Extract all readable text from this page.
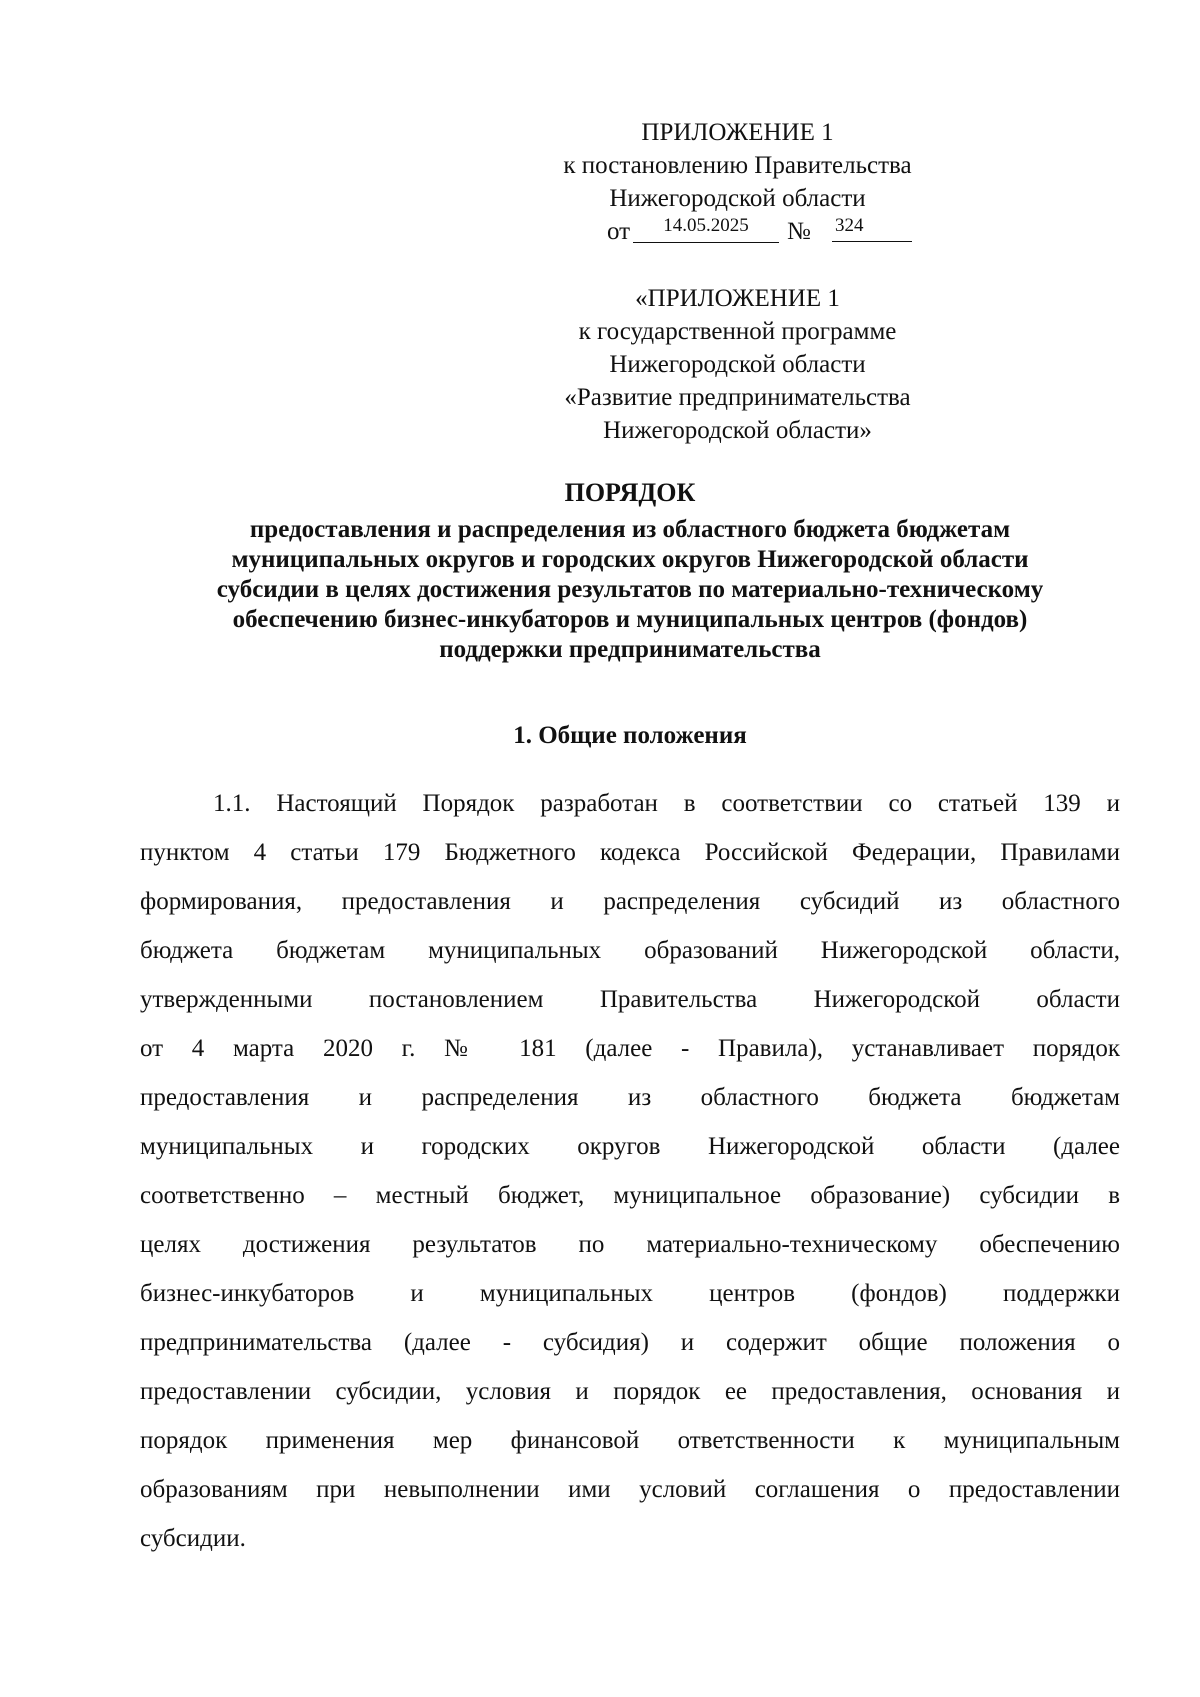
ПРИЛОЖЕНИЕ 1
к постановлению Правительства
Нижегородской области
от	14.05.2025	№ 324
«ПРИЛОЖЕНИЕ 1
к государственной программе
Нижегородской области
«Развитие предпринимательства
Нижегородской области»
ПОРЯДОК
предоставления и распределения из областного бюджета бюджетам
муниципальных округов и городских округов Нижегородской области
субсидии в целях достижения результатов по материально-техническому
обеспечению бизнес-инкубаторов и муниципальных центров (фондов)
поддержки предпринимательства
1. Общие положения
1.1. Настоящий Порядок разработан в соответствии со статьей 139 и
пунктом 4 статьи 179 Бюджетного кодекса Российской Федерации, Правилами
формирования, предоставления и распределения субсидий из областного
бюджета бюджетам муниципальных образований Нижегородской области,
утвержденными постановлением Правительства Нижегородской области
от 4 марта 2020 г. № 181 (далее - Правила), устанавливает порядок
предоставления и распределения из областного бюджета бюджетам
муниципальных и городских округов Нижегородской области (далее
соответственно – местный бюджет, муниципальное образование) субсидии в
целях достижения результатов по материально-техническому обеспечению
бизнес-инкубаторов и муниципальных центров (фондов) поддержки
предпринимательства (далее - субсидия) и содержит общие положения о
предоставлении субсидии, условия и порядок ее предоставления, основания и
порядок применения мер финансовой ответственности к муниципальным
образованиям при невыполнении ими условий соглашения о предоставлении
субсидии.
